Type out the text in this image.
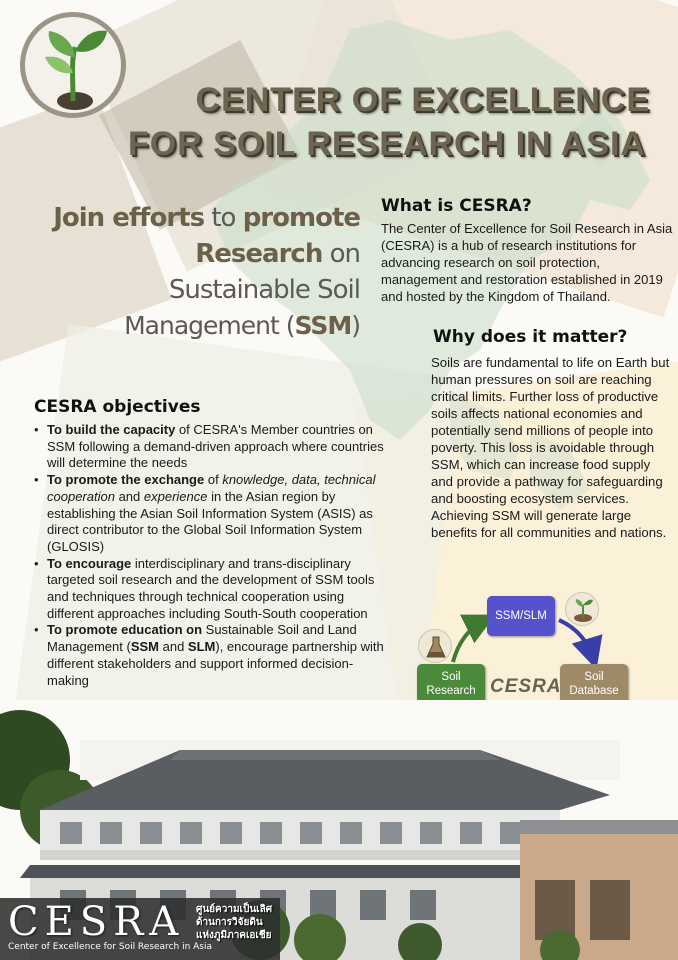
CENTER OF EXCELLENCE
FOR SOIL RESEARCH IN ASIA
Join efforts to promote
Research on
Sustainable Soil
Management (SSM)
What is CESRA?

The Center of Excellence for Soil Research in Asia (CESRA) is a hub of research institutions for advancing research on soil protection, management and restoration established in 2019 and hosted by the Kingdom of Thailand.

Why does it matter?

Soils are fundamental to life on Earth but human pressures on soil are reaching critical limits. Further loss of productive soils affects national economies and potentially send millions of people into poverty. This loss is avoidable through SSM, which can increase food supply and provide a pathway for safeguarding and boosting ecosystem services. Achieving SSM will generate large benefits for all communities and nations.

CESRA objectives
• To build the capacity of CESRA's Member countries on SSM following a demand-driven approach where countries will determine the needs
• To promote the exchange of knowledge, data, technical cooperation and experience in the Asian region by establishing the Asian Soil Information System (ASIS) as direct contributor to the Global Soil Information System (GLOSIS)
• To encourage interdisciplinary and trans-disciplinary targeted soil research and the development of SSM tools and techniques through technical cooperation using different approaches including South-South cooperation
• To promote education on Sustainable Soil and Land Management (SSM and SLM), encourage partnership with different stakeholders and support informed decision-making
SSM/SLM
Soil Database
Soil Research CESRA
CESRA
Center of Excellence for Soil Research in Asia
ศูนย์ความเป็นเลิศ
ด้านการวิจัยดิน
แห่งภูมิภาคเอเชีย
